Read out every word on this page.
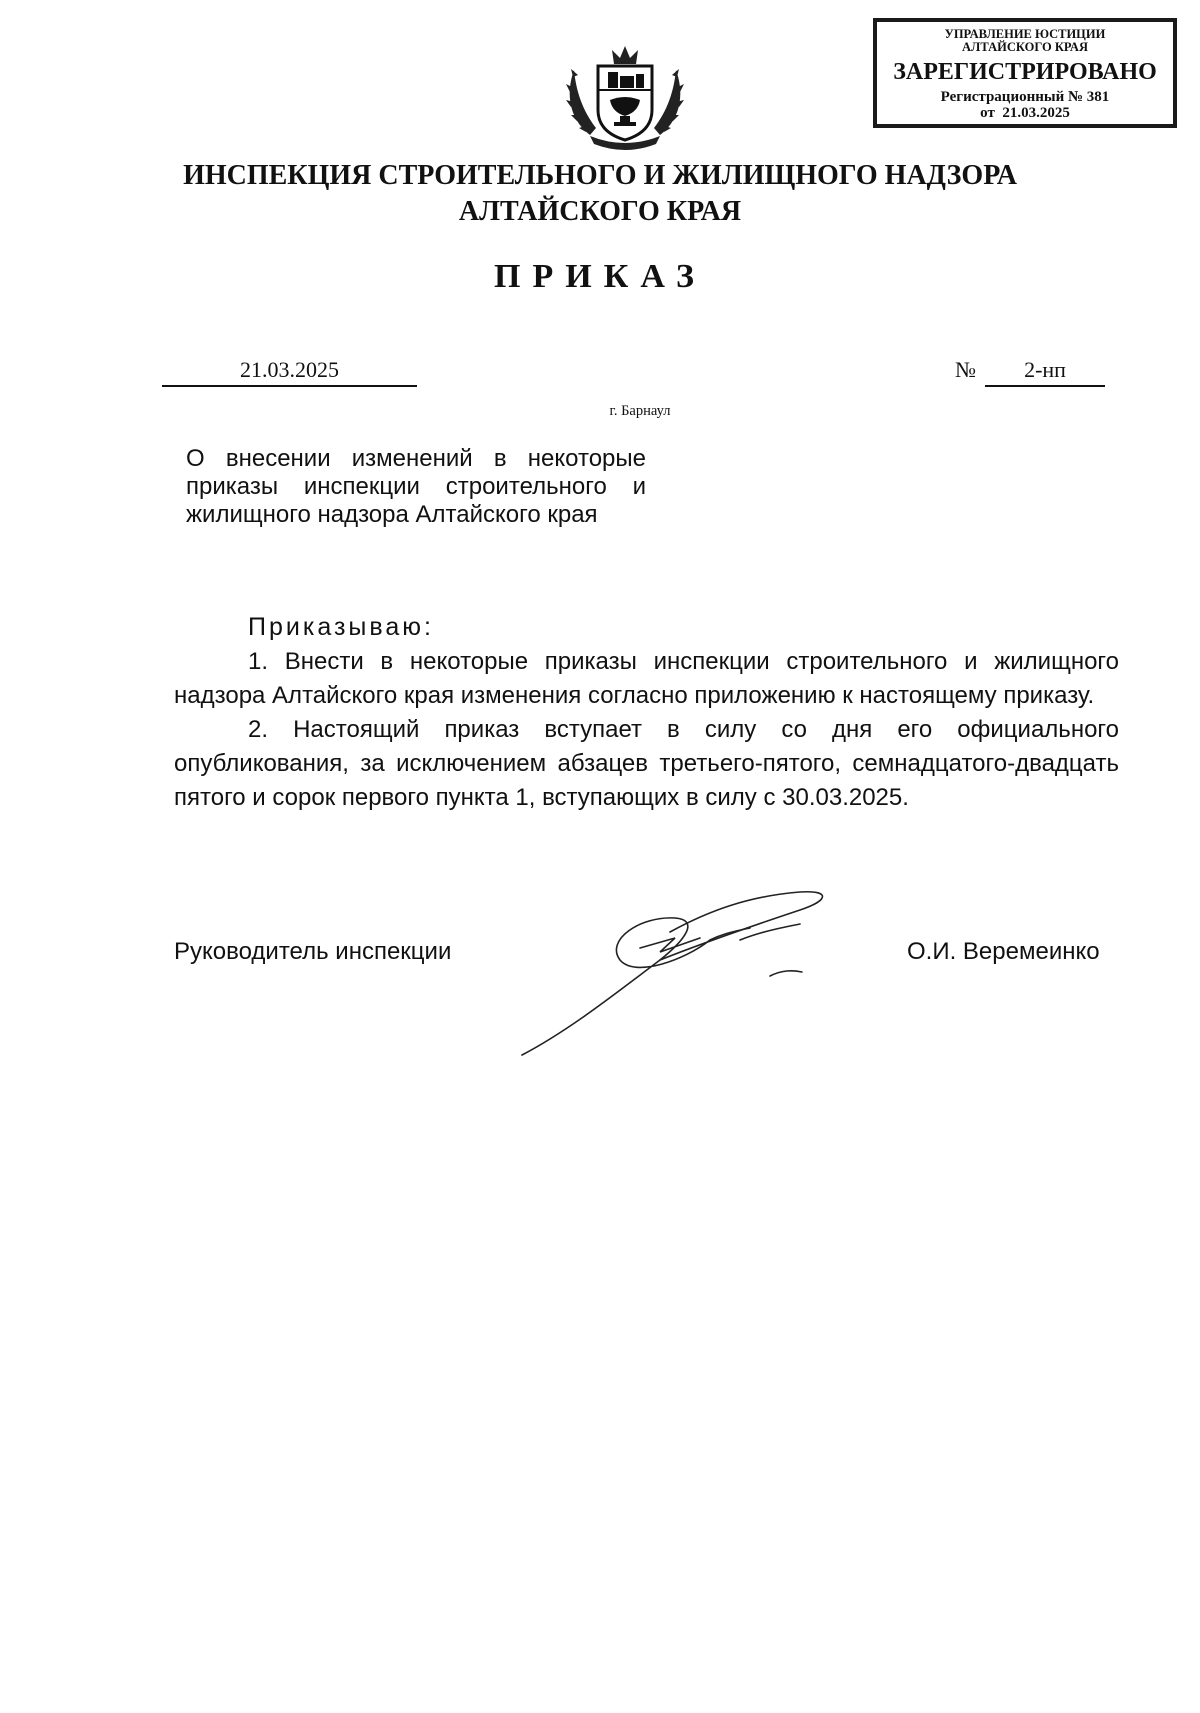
УПРАВЛЕНИЕ ЮСТИЦИИ
АЛТАЙСКОГО КРАЯ
ЗАРЕГИСТРИРОВАНО
Регистрационный № 381
от  21.03.2025
ИНСПЕКЦИЯ СТРОИТЕЛЬНОГО И ЖИЛИЩНОГО НАДЗОРА
АЛТАЙСКОГО КРАЯ
ПРИКАЗ
21.03.2025	№	2-нп
г. Барнаул
О внесении изменений в некоторые приказы инспекции строительного и жилищного надзора Алтайского края
Приказываю:

1. Внести в некоторые приказы инспекции строительного и жилищного надзора Алтайского края изменения согласно приложению к настоящему приказу.

2. Настоящий приказ вступает в силу со дня его официального опубликования, за исключением абзацев третьего-пятого, семнадцатого-двадцать пятого и сорок первого пункта 1, вступающих в силу с 30.03.2025.

Руководитель инспекции	О.И. Веремеинко
